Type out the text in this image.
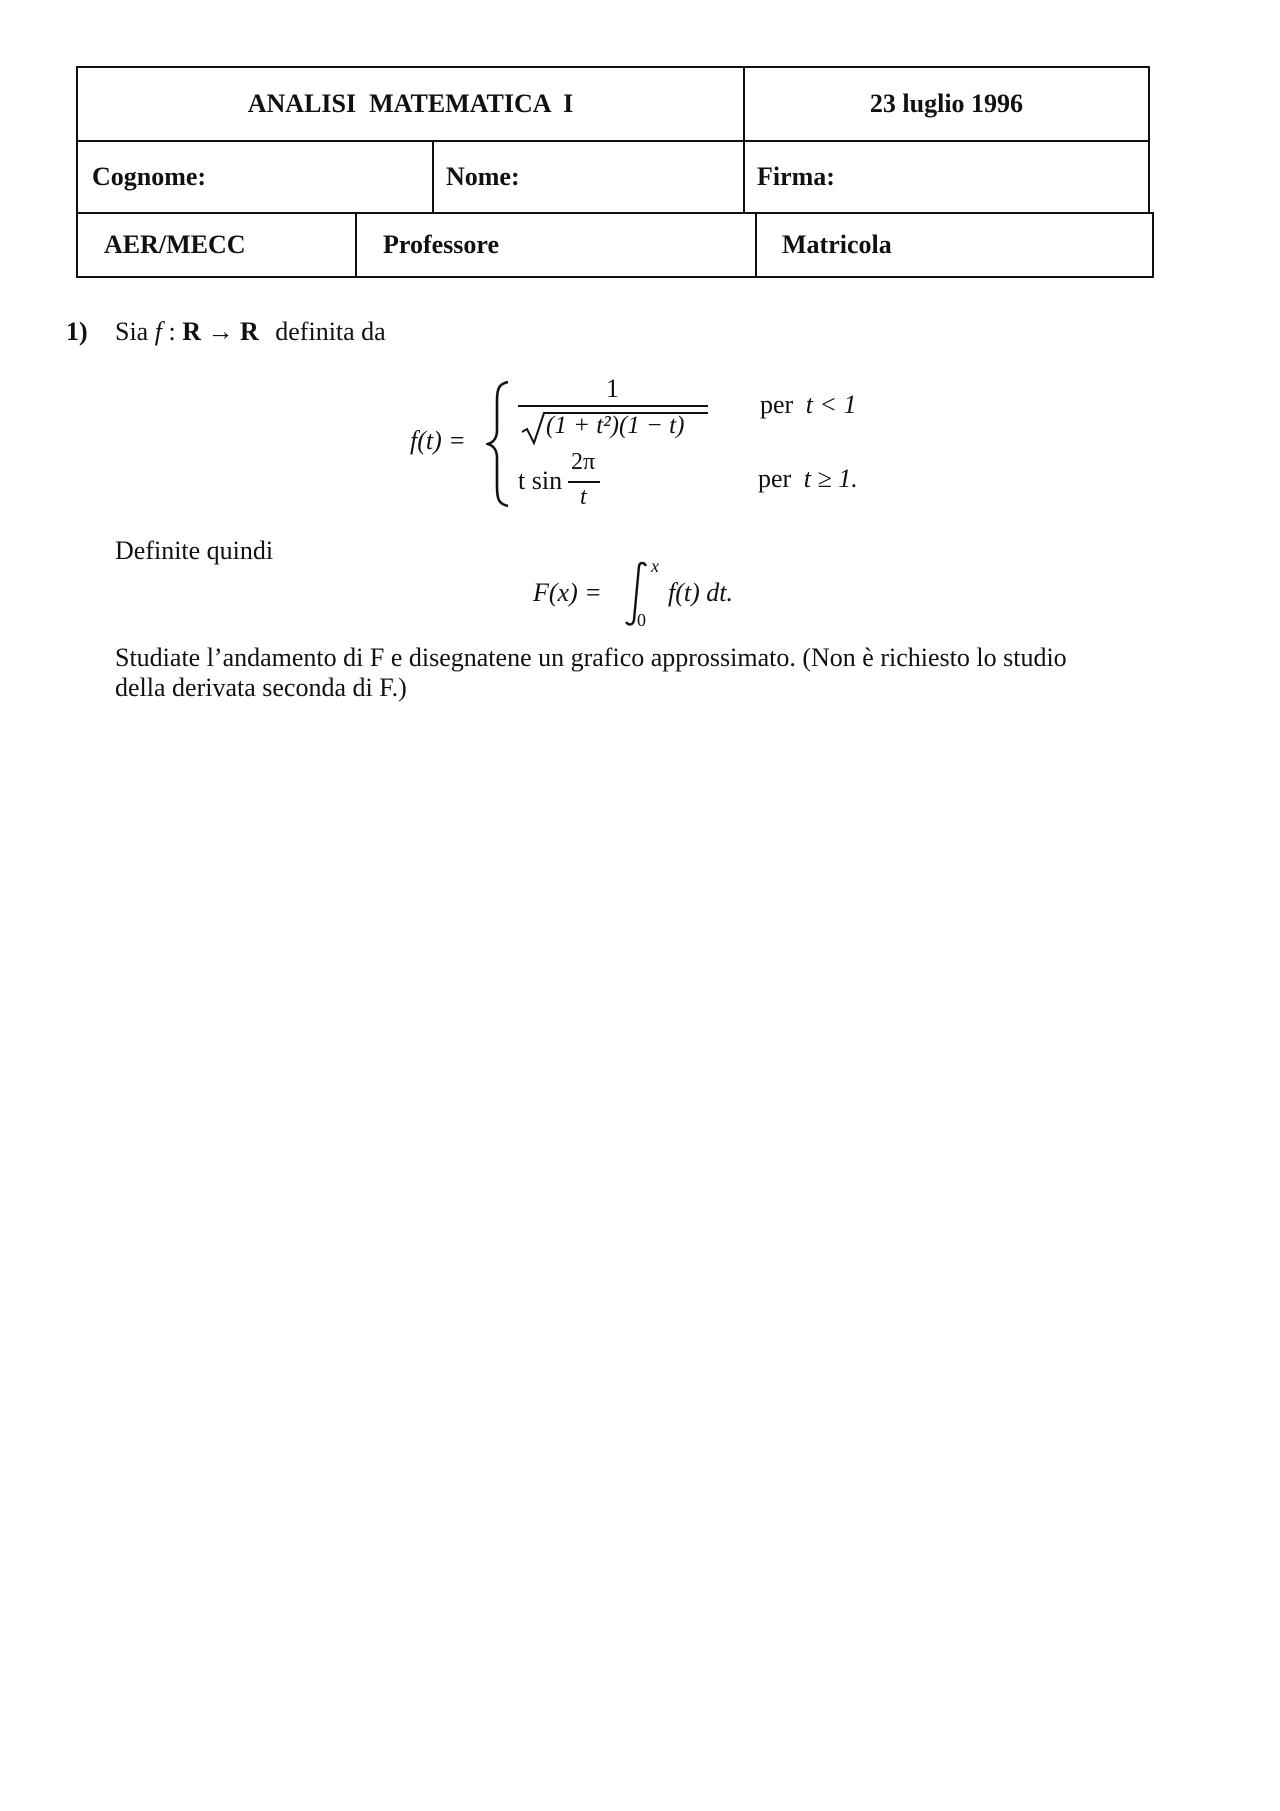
ANALISI  MATEMATICA  I	23 luglio 1996
Cognome:	Nome:	Firma:
AER/MECC	Professore	Matricola
1) Sia f : R → R definita da
f(t) =
1
(1 + t²)(1 − t)
per t < 1
t sin
2π
t
per t ≥ 1.
Definite quindi
F(x) =
x
0
f(t) dt.
Studiate l’andamento di F e disegnatene un grafico approssimato. (Non è richiesto lo studio
della derivata seconda di F.)
